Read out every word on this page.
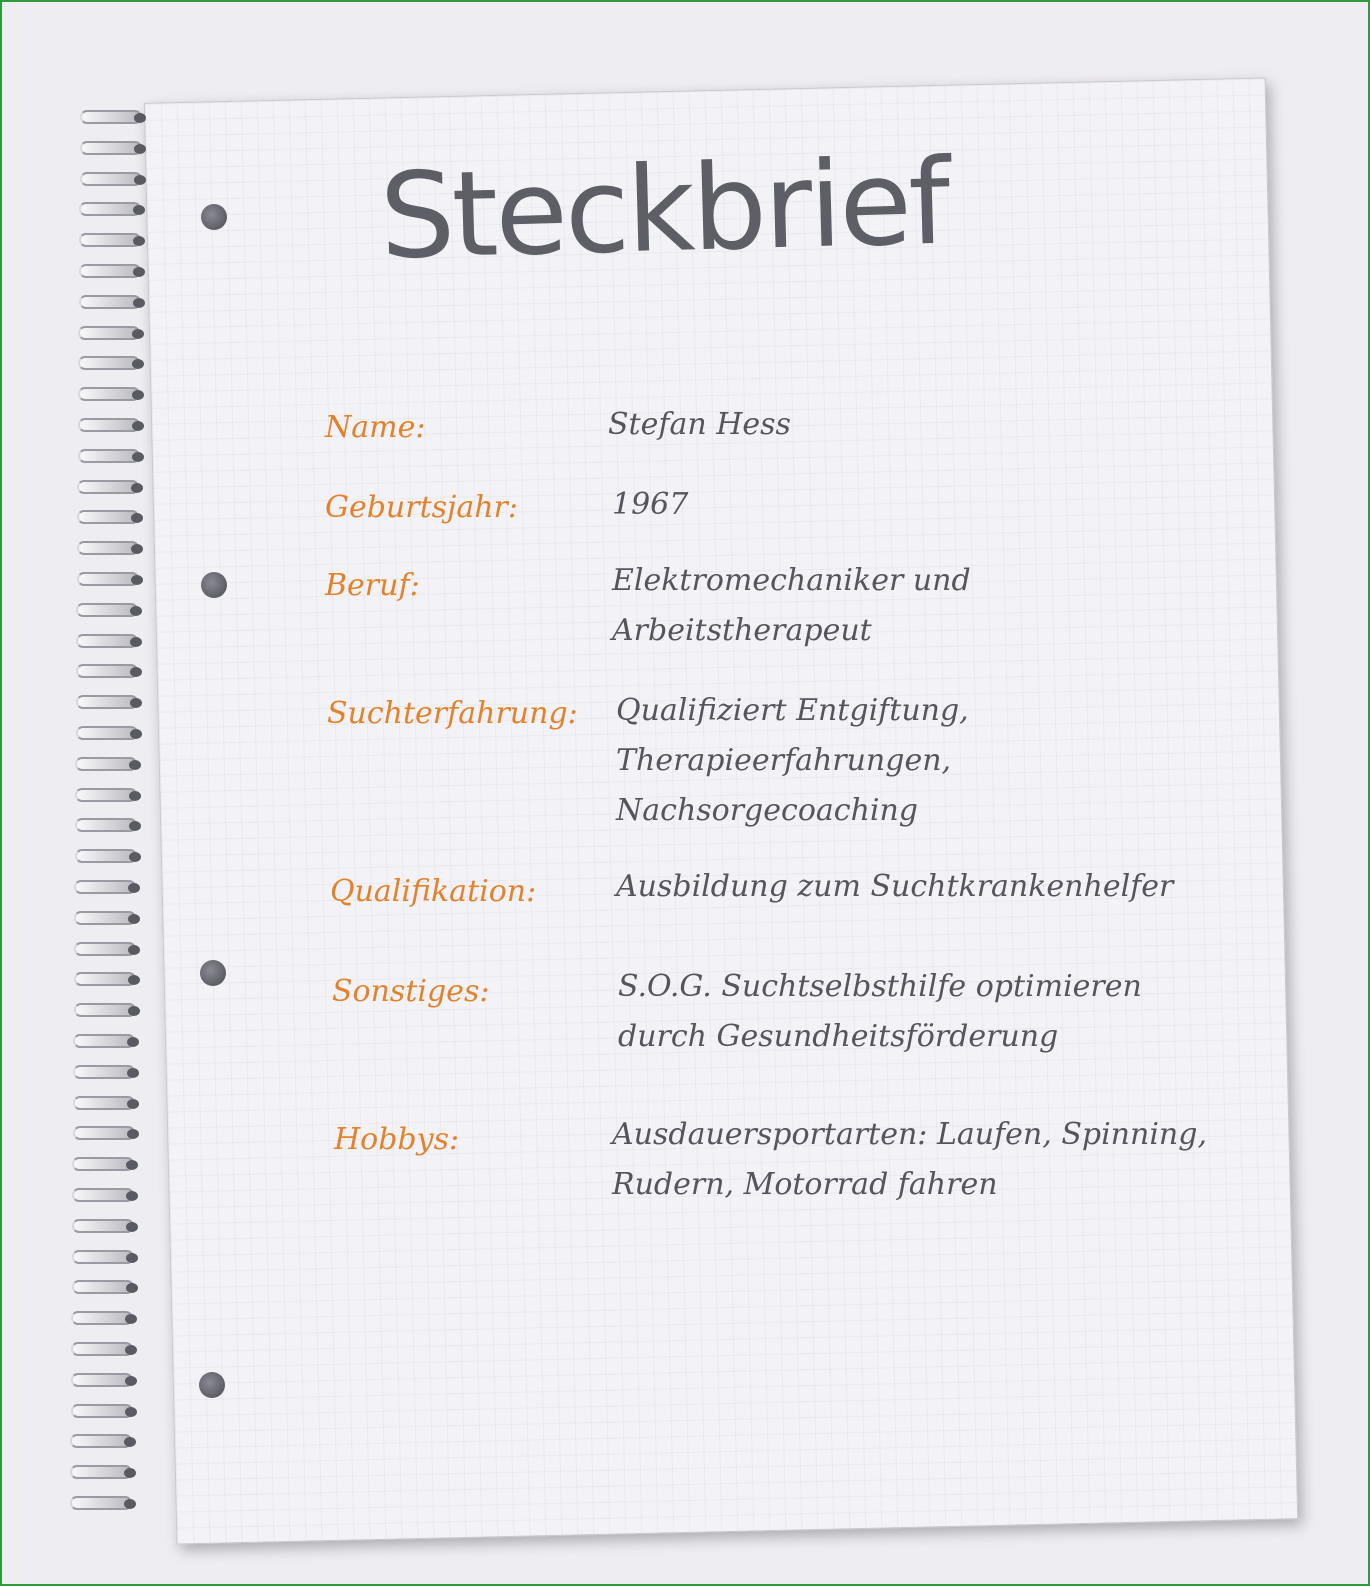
Steckbrief
Name:	Stefan Hess
Geburtsjahr:	1967
Beruf:	Elektromechaniker und
Arbeitstherapeut
Suchterfahrung: Qualifiziert Entgiftung,
Therapieerfahrungen,
Nachsorgecoaching
Qualifikation:	Ausbildung zum Suchtkrankenhelfer
Sonstiges:	S.O.G. Suchtselbsthilfe optimieren
durch Gesundheitsförderung
Hobbys:	Ausdauersportarten: Laufen, Spinning,
Rudern, Motorrad fahren
